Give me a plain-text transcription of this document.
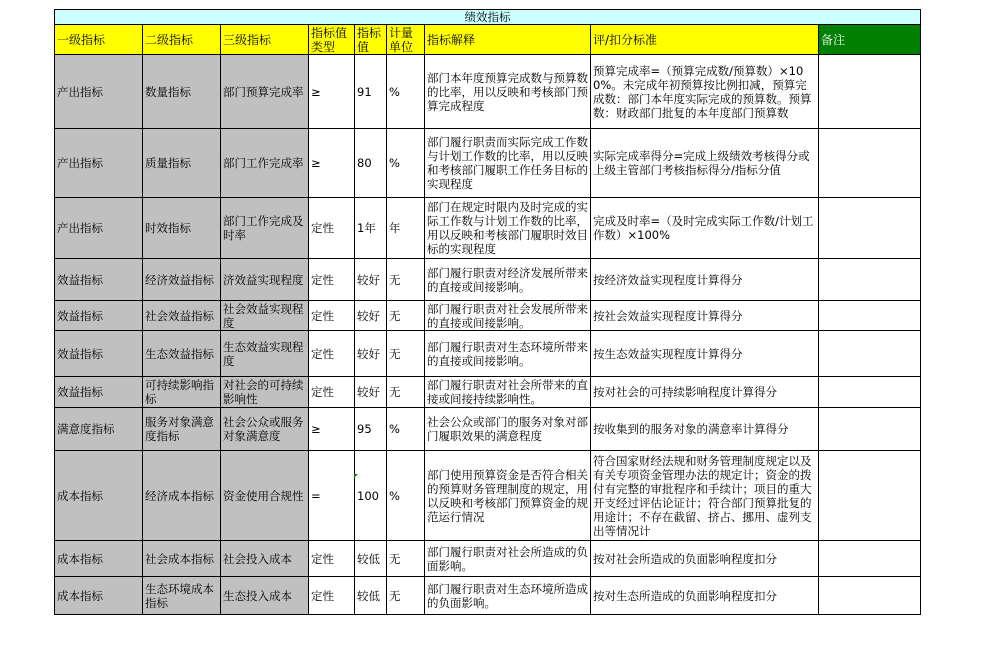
绩效指标								
一级指标	二级指标	三级指标	指标值类型	指标值	计量单位	指标解释	评/扣分标准	备注
产出指标	数量指标	部门预算完成率	≥	91	%	部门本年度预算完成数与预算数的比率，用以反映和考核部门预算完成程度	预算完成率=（预算完成数/预算数）×100%。未完成年初预算按比例扣减，预算完成数：部门本年度实际完成的预算数。预算数：财政部门批复的本年度部门预算数	
产出指标	质量指标	部门工作完成率	≥	80	%	部门履行职责而实际完成工作数与计划工作数的比率，用以反映和考核部门履职工作任务目标的实现程度	实际完成率得分=完成上级绩效考核得分或上级主管部门考核指标得分/指标分值	
产出指标	时效指标	部门工作完成及时率	定性	1年	年	部门在规定时限内及时完成的实际工作数与计划工作数的比率，用以反映和考核部门履职时效目标的实现程度	完成及时率=（及时完成实际工作数/计划工作数）×100%	
效益指标	经济效益指标	济效益实现程度	定性	较好	无	部门履行职责对经济发展所带来的直接或间接影响。	按经济效益实现程度计算得分	
效益指标	社会效益指标	社会效益实现程度	定性	较好	无	部门履行职责对社会发展所带来的直接或间接影响。	按社会效益实现程度计算得分	
效益指标	生态效益指标	生态效益实现程度	定性	较好	无	部门履行职责对生态环境所带来的直接或间接影响。	按生态效益实现程度计算得分	
效益指标	可持续影响指标	对社会的可持续影响性	定性	较好	无	部门履行职责对社会所带来的直接或间接持续影响性。	按对社会的可持续影响程度计算得分	
满意度指标	服务对象满意度指标	社会公众或服务对象满意度	≥	95	%	社会公众或部门的服务对象对部门履职效果的满意程度	按收集到的服务对象的满意率计算得分	
成本指标	经济成本指标	资金使用合规性	=	100	%	部门使用预算资金是否符合相关的预算财务管理制度的规定，用以反映和考核部门预算资金的规范运行情况	符合国家财经法规和财务管理制度规定以及有关专项资金管理办法的规定计；资金的拨付有完整的审批程序和手续计；项目的重大开支经过评估论证计；符合部门预算批复的用途计；不存在截留、挤占、挪用、虚列支出等情况计	
成本指标	社会成本指标	社会投入成本	定性	较低	无	部门履行职责对社会所造成的负面影响。	按对社会所造成的负面影响程度扣分	
成本指标	生态环境成本指标	生态投入成本	定性	较低	无	部门履行职责对生态环境所造成的负面影响。	按对生态所造成的负面影响程度扣分	
